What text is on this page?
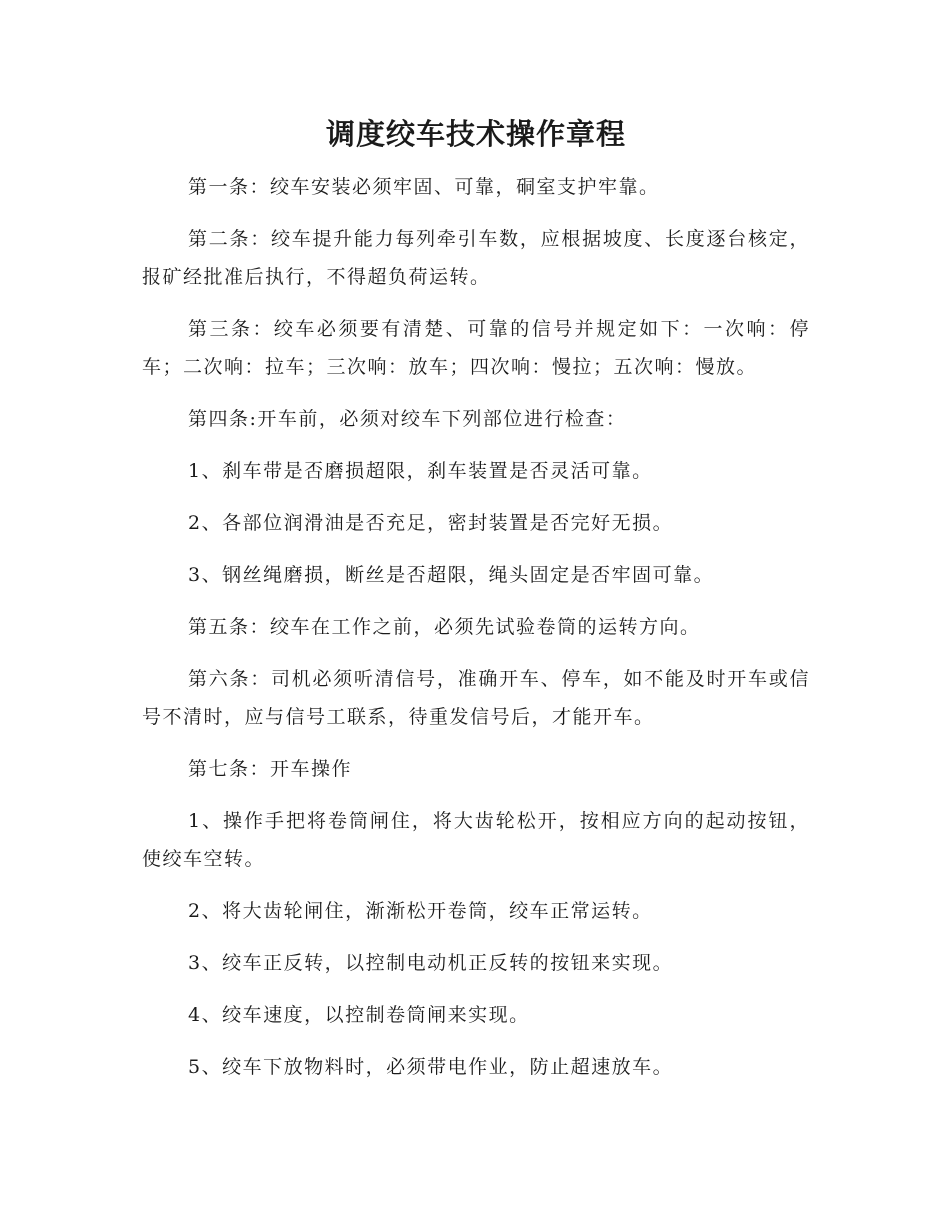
调度绞车技术操作章程

第一条：绞车安装必须牢固、可靠，硐室支护牢靠。

第二条：绞车提升能力每列牵引车数，应根据坡度、长度逐台核定，报矿经批准后执行，不得超负荷运转。

第三条：绞车必须要有清楚、可靠的信号并规定如下：一次响：停车；二次响：拉车；三次响：放车；四次响：慢拉；五次响：慢放。

第四条:开车前，必须对绞车下列部位进行检查：

1、刹车带是否磨损超限，刹车装置是否灵活可靠。

2、各部位润滑油是否充足，密封装置是否完好无损。

3、钢丝绳磨损，断丝是否超限，绳头固定是否牢固可靠。

第五条：绞车在工作之前，必须先试验卷筒的运转方向。

第六条：司机必须听清信号，准确开车、停车，如不能及时开车或信号不清时，应与信号工联系，待重发信号后，才能开车。

第七条：开车操作

1、操作手把将卷筒闸住，将大齿轮松开，按相应方向的起动按钮，使绞车空转。

2、将大齿轮闸住，渐渐松开卷筒，绞车正常运转。

3、绞车正反转，以控制电动机正反转的按钮来实现。

4、绞车速度，以控制卷筒闸来实现。

5、绞车下放物料时，必须带电作业，防止超速放车。
